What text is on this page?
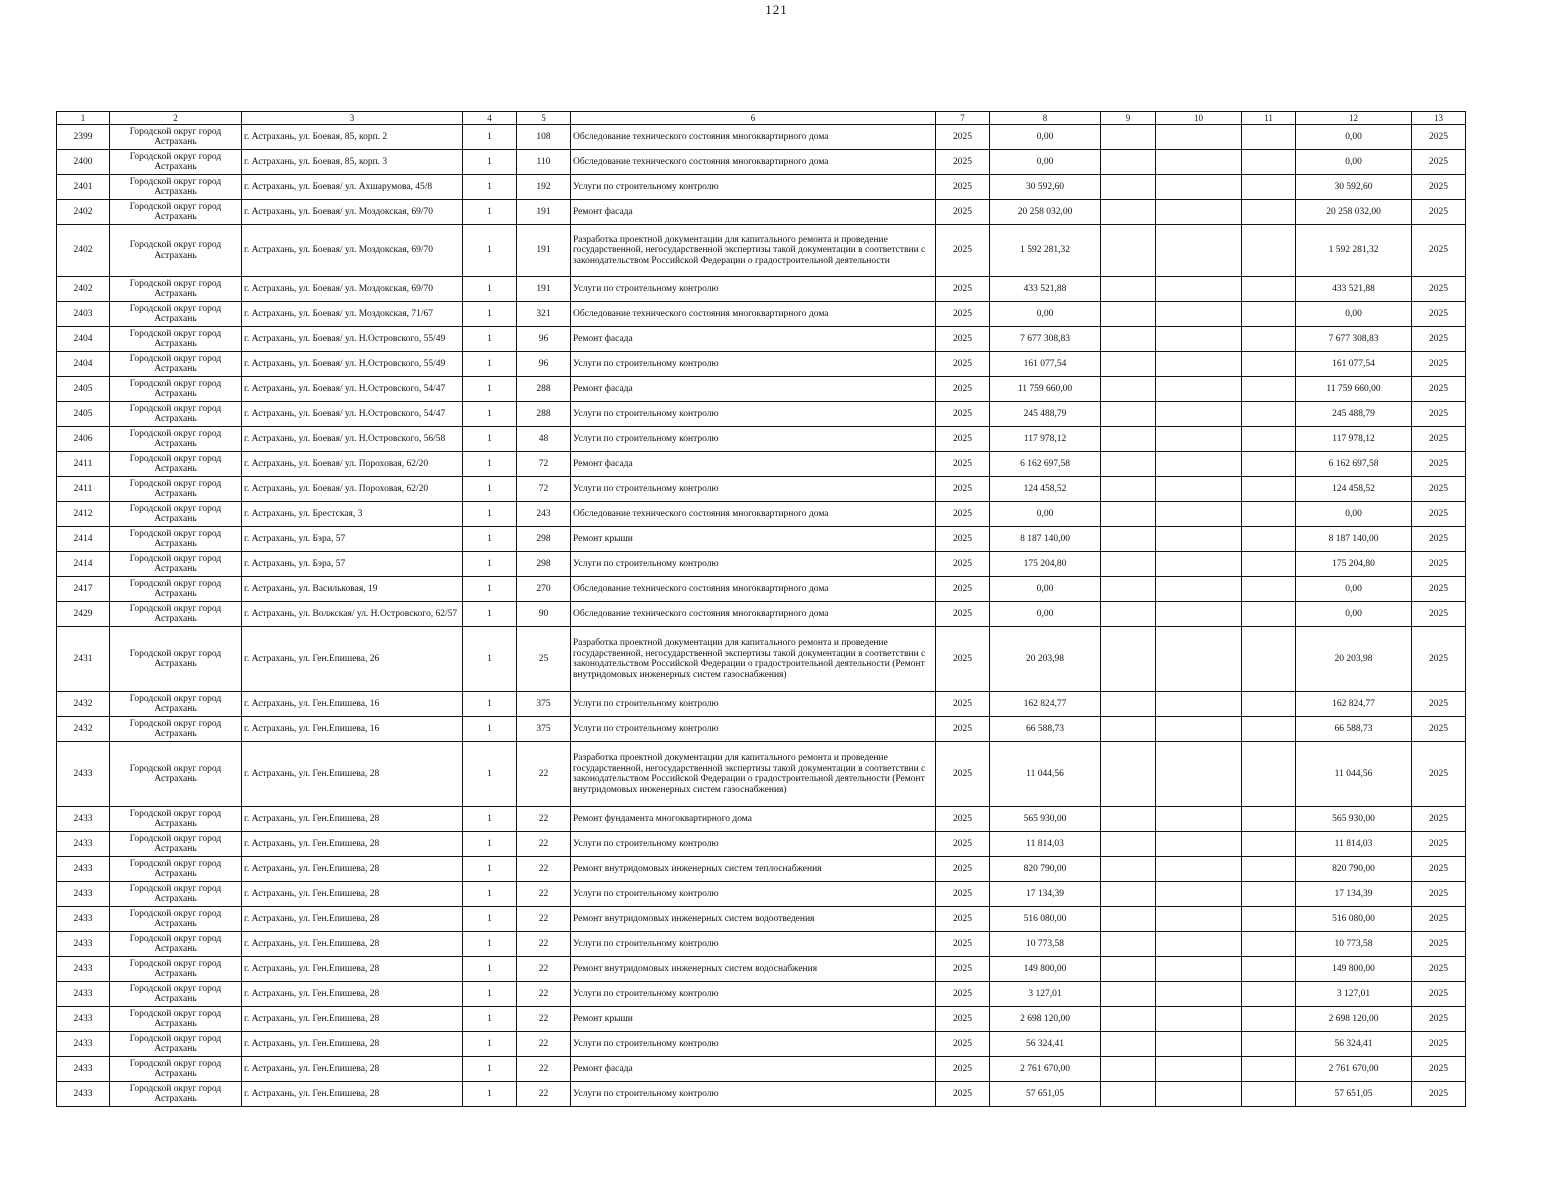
121
1	2	3	4	5	6	7	8	9	10	11	12	13
2399	Городской округ город Астрахань	г. Астрахань, ул. Боевая, 85, корп. 2	1	108	Обследование технического состояния многоквартирного дома	2025	0,00				0,00	2025
2400	Городской округ город Астрахань	г. Астрахань, ул. Боевая, 85, корп. 3	1	110	Обследование технического состояния многоквартирного дома	2025	0,00				0,00	2025
2401	Городской округ город Астрахань	г. Астрахань, ул. Боевая/ ул. Ахшарумова, 45/8	1	192	Услуги по строительному контролю	2025	30 592,60				30 592,60	2025
2402	Городской округ город Астрахань	г. Астрахань, ул. Боевая/ ул. Моздокская, 69/70	1	191	Ремонт фасада	2025	20 258 032,00				20 258 032,00	2025
2402	Городской округ город Астрахань	г. Астрахань, ул. Боевая/ ул. Моздокская, 69/70	1	191	Разработка проектной документации для капитального ремонта и проведение государственной, негосударственной экспертизы такой документации в соответствии с законодательством Российской Федерации о градостроительной деятельности	2025	1 592 281,32				1 592 281,32	2025
2402	Городской округ город Астрахань	г. Астрахань, ул. Боевая/ ул. Моздокская, 69/70	1	191	Услуги по строительному контролю	2025	433 521,88				433 521,88	2025
2403	Городской округ город Астрахань	г. Астрахань, ул. Боевая/ ул. Моздокская, 71/67	1	321	Обследование технического состояния многоквартирного дома	2025	0,00				0,00	2025
2404	Городской округ город Астрахань	г. Астрахань, ул. Боевая/ ул. Н.Островского, 55/49	1	96	Ремонт фасада	2025	7 677 308,83				7 677 308,83	2025
2404	Городской округ город Астрахань	г. Астрахань, ул. Боевая/ ул. Н.Островского, 55/49	1	96	Услуги по строительному контролю	2025	161 077,54				161 077,54	2025
2405	Городской округ город Астрахань	г. Астрахань, ул. Боевая/ ул. Н.Островского, 54/47	1	288	Ремонт фасада	2025	11 759 660,00				11 759 660,00	2025
2405	Городской округ город Астрахань	г. Астрахань, ул. Боевая/ ул. Н.Островского, 54/47	1	288	Услуги по строительному контролю	2025	245 488,79				245 488,79	2025
2406	Городской округ город Астрахань	г. Астрахань, ул. Боевая/ ул. Н.Островского, 56/58	1	48	Услуги по строительному контролю	2025	117 978,12				117 978,12	2025
2411	Городской округ город Астрахань	г. Астрахань, ул. Боевая/ ул. Пороховая, 62/20	1	72	Ремонт фасада	2025	6 162 697,58				6 162 697,58	2025
2411	Городской округ город Астрахань	г. Астрахань, ул. Боевая/ ул. Пороховая, 62/20	1	72	Услуги по строительному контролю	2025	124 458,52				124 458,52	2025
2412	Городской округ город Астрахань	г. Астрахань, ул. Брестская, 3	1	243	Обследование технического состояния многоквартирного дома	2025	0,00				0,00	2025
2414	Городской округ город Астрахань	г. Астрахань, ул. Бэра, 57	1	298	Ремонт крыши	2025	8 187 140,00				8 187 140,00	2025
2414	Городской округ город Астрахань	г. Астрахань, ул. Бэра, 57	1	298	Услуги по строительному контролю	2025	175 204,80				175 204,80	2025
2417	Городской округ город Астрахань	г. Астрахань, ул. Васильковая, 19	1	270	Обследование технического состояния многоквартирного дома	2025	0,00				0,00	2025
2429	Городской округ город Астрахань	г. Астрахань, ул. Волжская/ ул. Н.Островского, 62/57	1	90	Обследование технического состояния многоквартирного дома	2025	0,00				0,00	2025
2431	Городской округ город Астрахань	г. Астрахань, ул. Ген.Епишева, 26	1	25	Разработка проектной документации для капитального ремонта и проведение государственной, негосударственной экспертизы такой документации в соответствии с законодательством Российской Федерации о градостроительной деятельности (Ремонт внутридомовых инженерных систем газоснабжения)	2025	20 203,98				20 203,98	2025
2432	Городской округ город Астрахань	г. Астрахань, ул. Ген.Епишева, 16	1	375	Услуги по строительному контролю	2025	162 824,77				162 824,77	2025
2432	Городской округ город Астрахань	г. Астрахань, ул. Ген.Епишева, 16	1	375	Услуги по строительному контролю	2025	66 588,73				66 588,73	2025
2433	Городской округ город Астрахань	г. Астрахань, ул. Ген.Епишева, 28	1	22	Разработка проектной документации для капитального ремонта и проведение государственной, негосударственной экспертизы такой документации в соответствии с законодательством Российской Федерации о градостроительной деятельности (Ремонт внутридомовых инженерных систем газоснабжения)	2025	11 044,56				11 044,56	2025
2433	Городской округ город Астрахань	г. Астрахань, ул. Ген.Епишева, 28	1	22	Ремонт фундамента многоквартирного дома	2025	565 930,00				565 930,00	2025
2433	Городской округ город Астрахань	г. Астрахань, ул. Ген.Епишева, 28	1	22	Услуги по строительному контролю	2025	11 814,03				11 814,03	2025
2433	Городской округ город Астрахань	г. Астрахань, ул. Ген.Епишева, 28	1	22	Ремонт внутридомовых инженерных систем теплоснабжения	2025	820 790,00				820 790,00	2025
2433	Городской округ город Астрахань	г. Астрахань, ул. Ген.Епишева, 28	1	22	Услуги по строительному контролю	2025	17 134,39				17 134,39	2025
2433	Городской округ город Астрахань	г. Астрахань, ул. Ген.Епишева, 28	1	22	Ремонт внутридомовых инженерных систем водоотведения	2025	516 080,00				516 080,00	2025
2433	Городской округ город Астрахань	г. Астрахань, ул. Ген.Епишева, 28	1	22	Услуги по строительному контролю	2025	10 773,58				10 773,58	2025
2433	Городской округ город Астрахань	г. Астрахань, ул. Ген.Епишева, 28	1	22	Ремонт внутридомовых инженерных систем водоснабжения	2025	149 800,00				149 800,00	2025
2433	Городской округ город Астрахань	г. Астрахань, ул. Ген.Епишева, 28	1	22	Услуги по строительному контролю	2025	3 127,01				3 127,01	2025
2433	Городской округ город Астрахань	г. Астрахань, ул. Ген.Епишева, 28	1	22	Ремонт крыши	2025	2 698 120,00				2 698 120,00	2025
2433	Городской округ город Астрахань	г. Астрахань, ул. Ген.Епишева, 28	1	22	Услуги по строительному контролю	2025	56 324,41				56 324,41	2025
2433	Городской округ город Астрахань	г. Астрахань, ул. Ген.Епишева, 28	1	22	Ремонт фасада	2025	2 761 670,00				2 761 670,00	2025
2433	Городской округ город Астрахань	г. Астрахань, ул. Ген.Епишева, 28	1	22	Услуги по строительному контролю	2025	57 651,05				57 651,05	2025
